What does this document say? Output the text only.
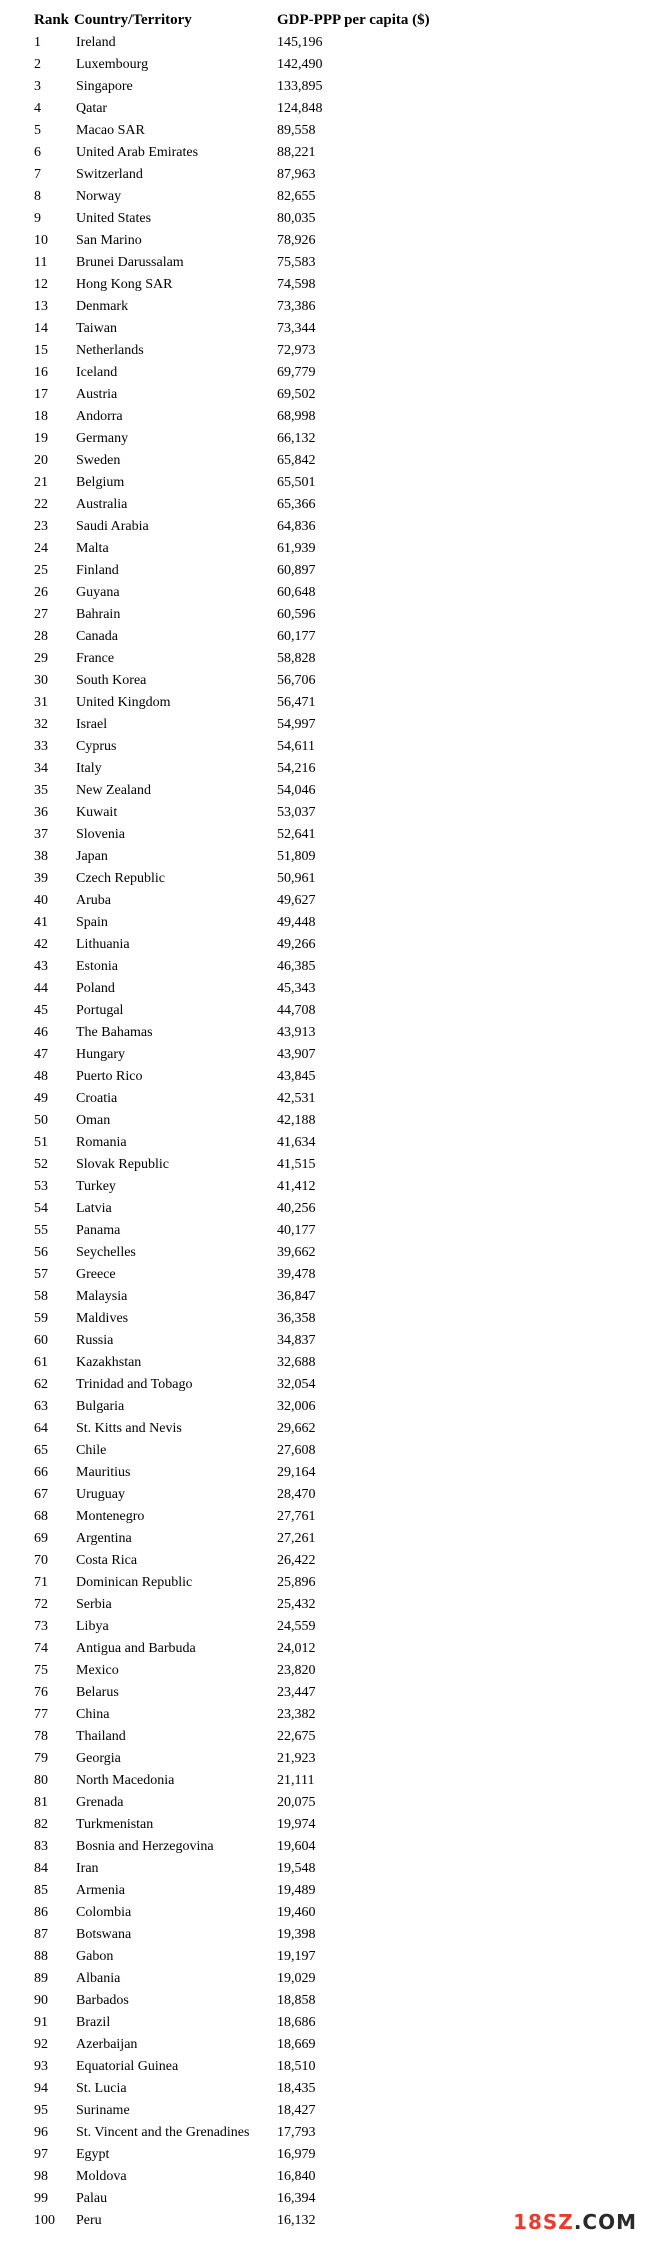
Rank Country/Territory	GDP-PPP per capita ($)
1	Ireland	145,196
2	Luxembourg	142,490
3	Singapore	133,895
4	Qatar	124,848
5	Macao SAR	89,558
6	United Arab Emirates	88,221
7	Switzerland	87,963
8	Norway	82,655
9	United States	80,035
10	San Marino	78,926
11	Brunei Darussalam	75,583
12	Hong Kong SAR	74,598
13	Denmark	73,386
14	Taiwan	73,344
15	Netherlands	72,973
16	Iceland	69,779
17	Austria	69,502
18	Andorra	68,998
19	Germany	66,132
20	Sweden	65,842
21	Belgium	65,501
22	Australia	65,366
23	Saudi Arabia	64,836
24	Malta	61,939
25	Finland	60,897
26	Guyana	60,648
27	Bahrain	60,596
28	Canada	60,177
29	France	58,828
30	South Korea	56,706
31	United Kingdom	56,471
32	Israel	54,997
33	Cyprus	54,611
34	Italy	54,216
35	New Zealand	54,046
36	Kuwait	53,037
37	Slovenia	52,641
38	Japan	51,809
39	Czech Republic	50,961
40	Aruba	49,627
41	Spain	49,448
42	Lithuania	49,266
43	Estonia	46,385
44	Poland	45,343
45	Portugal	44,708
46	The Bahamas	43,913
47	Hungary	43,907
48	Puerto Rico	43,845
49	Croatia	42,531
50	Oman	42,188
51	Romania	41,634
52	Slovak Republic	41,515
53	Turkey	41,412
54	Latvia	40,256
55	Panama	40,177
56	Seychelles	39,662
57	Greece	39,478
58	Malaysia	36,847
59	Maldives	36,358
60	Russia	34,837
61	Kazakhstan	32,688
62	Trinidad and Tobago	32,054
63	Bulgaria	32,006
64	St. Kitts and Nevis	29,662
65	Chile	27,608
66	Mauritius	29,164
67	Uruguay	28,470
68	Montenegro	27,761
69	Argentina	27,261
70	Costa Rica	26,422
71	Dominican Republic	25,896
72	Serbia	25,432
73	Libya	24,559
74	Antigua and Barbuda	24,012
75	Mexico	23,820
76	Belarus	23,447
77	China	23,382
78	Thailand	22,675
79	Georgia	21,923
80	North Macedonia	21,111
81	Grenada	20,075
82	Turkmenistan	19,974
83	Bosnia and Herzegovina	19,604
84	Iran	19,548
85	Armenia	19,489
86	Colombia	19,460
87	Botswana	19,398
88	Gabon	19,197
89	Albania	19,029
90	Barbados	18,858
91	Brazil	18,686
92	Azerbaijan	18,669
93	Equatorial Guinea	18,510
94	St. Lucia	18,435
95	Suriname	18,427
96	St. Vincent and the Grenadines	17,793
97	Egypt	16,979
98	Moldova	16,840
99	Palau	16,394
100	Peru	16,132	18SZ .COM
